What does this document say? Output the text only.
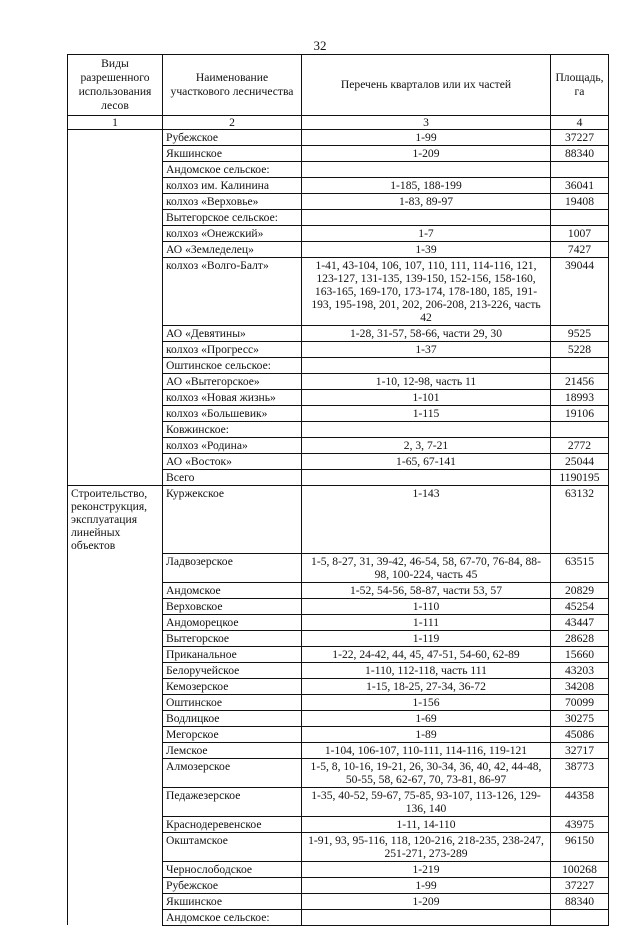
32
Виды разрешенного использования лесов	Наименование участкового лесничества	Перечень кварталов или их частей	Площадь, га
1	2	3	4
	Рубежское	1-99	37227
	Якшинское	1-209	88340
	Андомское сельское:		
	колхоз им. Калинина	1-185, 188-199	36041
	колхоз «Верховье»	1-83, 89-97	19408
	Вытегорское сельское:		
	колхоз «Онежский»	1-7	1007
	АО «Земледелец»	1-39	7427
	колхоз «Волго-Балт»	1-41, 43-104, 106, 107, 110, 111, 114-116, 121, 123-127, 131-135, 139-150, 152-156, 158-160, 163-165, 169-170, 173-174, 178-180, 185, 191-193, 195-198, 201, 202, 206-208, 213-226, часть 42	39044
	АО «Девятины»	1-28, 31-57, 58-66, части 29, 30	9525
	колхоз «Прогресс»	1-37	5228
	Оштинское сельское:		
	АО «Вытегорское»	1-10, 12-98, часть 11	21456
	колхоз «Новая жизнь»	1-101	18993
	колхоз «Большевик»	1-115	19106
	Ковжинское:		
	колхоз «Родина»	2, 3, 7-21	2772
	АО «Восток»	1-65, 67-141	25044
	Всего		1190195
Строительство, реконструкция, эксплуатация линейных объектов	Куржекское	1-143	63132
	Ладвозерское	1-5, 8-27, 31, 39-42, 46-54, 58, 67-70, 76-84, 88-98, 100-224, часть 45	63515
	Андомское	1-52, 54-56, 58-87, части 53, 57	20829
	Верховское	1-110	45254
	Андоморецкое	1-111	43447
	Вытегорское	1-119	28628
	Приканальное	1-22, 24-42, 44, 45, 47-51, 54-60, 62-89	15660
	Белоручейское	1-110, 112-118, часть 111	43203
	Кемозерское	1-15, 18-25, 27-34, 36-72	34208
	Оштинское	1-156	70099
	Водлицкое	1-69	30275
	Мегорское	1-89	45086
	Лемское	1-104, 106-107, 110-111, 114-116, 119-121	32717
	Алмозерское	1-5, 8, 10-16, 19-21, 26, 30-34, 36, 40, 42, 44-48, 50-55, 58, 62-67, 70, 73-81, 86-97	38773
	Педажезерское	1-35, 40-52, 59-67, 75-85, 93-107, 113-126, 129-136, 140	44358
	Краснодеревенское	1-11, 14-110	43975
	Окштамское	1-91, 93, 95-116, 118, 120-216, 218-235, 238-247, 251-271, 273-289	96150
	Чернослободское	1-219	100268
	Рубежское	1-99	37227
	Якшинское	1-209	88340
	Андомское сельское:		
